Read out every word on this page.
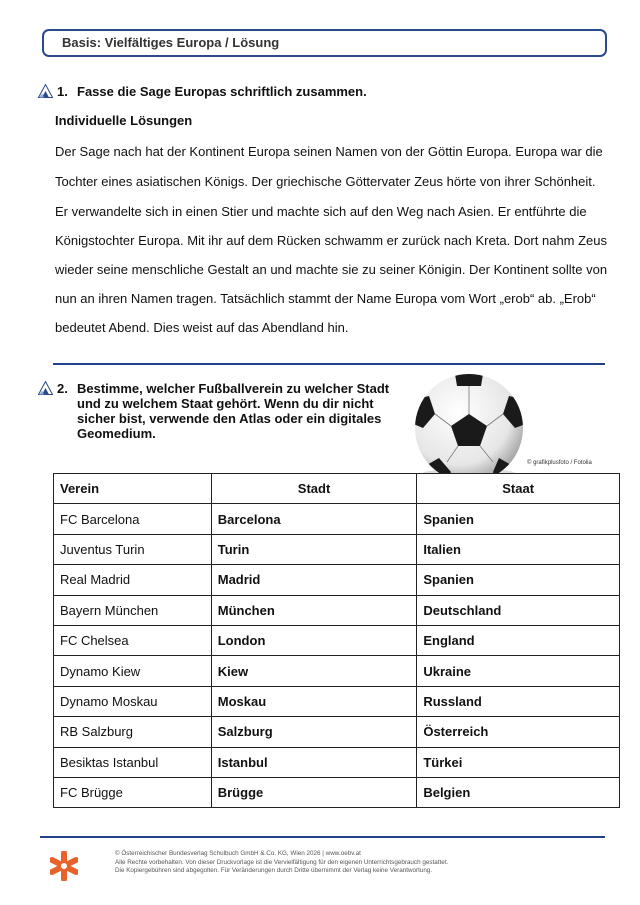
Basis: Vielfältiges Europa / Lösung
1. Fasse die Sage Europas schriftlich zusammen.
Individuelle Lösungen
Der Sage nach hat der Kontinent Europa seinen Namen von der Göttin Europa. Europa war die
Tochter eines asiatischen Königs. Der griechische Göttervater Zeus hörte von ihrer Schönheit.
Er verwandelte sich in einen Stier und machte sich auf den Weg nach Asien. Er entführte die
Königstochter Europa. Mit ihr auf dem Rücken schwamm er zurück nach Kreta. Dort nahm Zeus
wieder seine menschliche Gestalt an und machte sie zu seiner Königin. Der Kontinent sollte von
nun an ihren Namen tragen. Tatsächlich stammt der Name Europa vom Wort „erob“ ab. „Erob“
bedeutet Abend. Dies weist auf das Abendland hin.
2. Bestimme, welcher Fußballverein zu welcher Stadt
und zu welchem Staat gehört. Wenn du dir nicht
sicher bist, verwende den Atlas oder ein digitales
Geomedium.
© grafikplusfoto / Fotolia
Verein	Stadt	Staat
FC Barcelona	Barcelona	Spanien
Juventus Turin	Turin	Italien
Real Madrid	Madrid	Spanien
Bayern München	München	Deutschland
FC Chelsea	London	England
Dynamo Kiew	Kiew	Ukraine
Dynamo Moskau	Moskau	Russland
RB Salzburg	Salzburg	Österreich
Besiktas Istanbul	Istanbul	Türkei
FC Brügge	Brügge	Belgien
© Österreichischer Bundesverlag Schulbuch GmbH & Co. KG, Wien 2026 | www.oebv.at
Alle Rechte vorbehalten. Von dieser Druckvorlage ist die Vervielfältigung für den eigenen Unterrichtsgebrauch gestattet.
Die Kopiergebühren sind abgegolten. Für Veränderungen durch Dritte übernimmt der Verlag keine Verantwortung.
